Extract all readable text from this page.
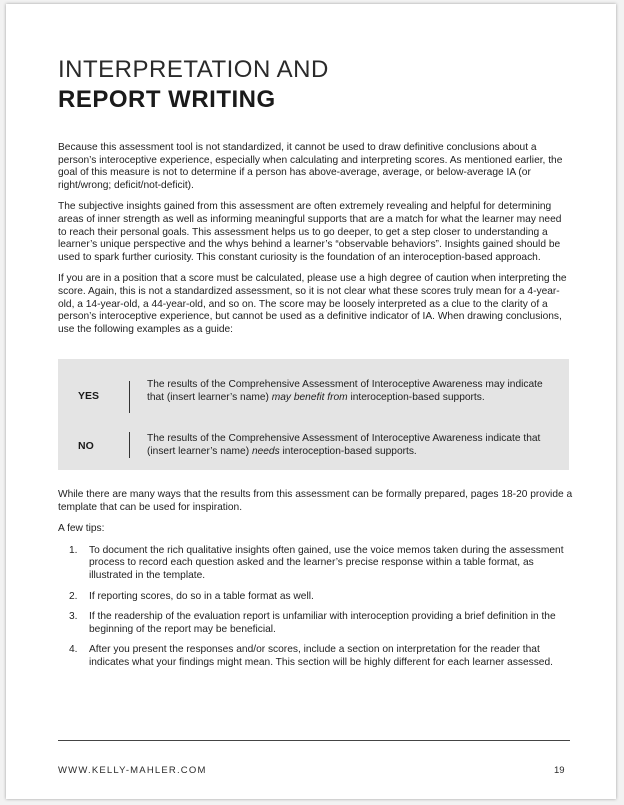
INTERPRETATION AND
REPORT WRITING

Because this assessment tool is not standardized, it cannot be used to draw definitive conclusions about a person’s interoceptive experience, especially when calculating and interpreting scores. As mentioned earlier, the goal of this measure is not to determine if a person has above-average, average, or below-average IA (or right/wrong; deficit/not-deficit).

The subjective insights gained from this assessment are often extremely revealing and helpful for determining areas of inner strength as well as informing meaningful supports that are a match for what the learner may need to reach their personal goals. This assessment helps us to go deeper, to get a step closer to understanding a learner’s unique perspective and the whys behind a learner’s “observable behaviors”. Insights gained should be used to spark further curiosity. This constant curiosity is the foundation of an interoception-based approach.

If you are in a position that a score must be calculated, please use a high degree of caution when interpreting the score. Again, this is not a standardized assessment, so it is not clear what these scores truly mean for a 4-year-old, a 14-year-old, a 44-year-old, and so on. The score may be loosely interpreted as a clue to the clarity of a person’s interoceptive experience, but cannot be used as a definitive indicator of IA. When drawing conclusions, use the following examples as a guide:

YES
The results of the Comprehensive Assessment of Interoceptive Awareness may indicate that (insert learner’s name) may benefit from interoception-based supports.
NO
The results of the Comprehensive Assessment of Interoceptive Awareness indicate that (insert learner’s name) needs interoception-based supports.

While there are many ways that the results from this assessment can be formally prepared, pages 18-20 provide a template that can be used for inspiration.

A few tips:

1. To document the rich qualitative insights often gained, use the voice memos taken during the assessment process to record each question asked and the learner’s precise response within a table format, as illustrated in the template.
2. If reporting scores, do so in a table format as well.
3. If the readership of the evaluation report is unfamiliar with interoception providing a brief definition in the beginning of the report may be beneficial.
4. After you present the responses and/or scores, include a section on interpretation for the reader that indicates what your findings might mean. This section will be highly different for each learner assessed.
WWW.KELLY-MAHLER.COM	19
